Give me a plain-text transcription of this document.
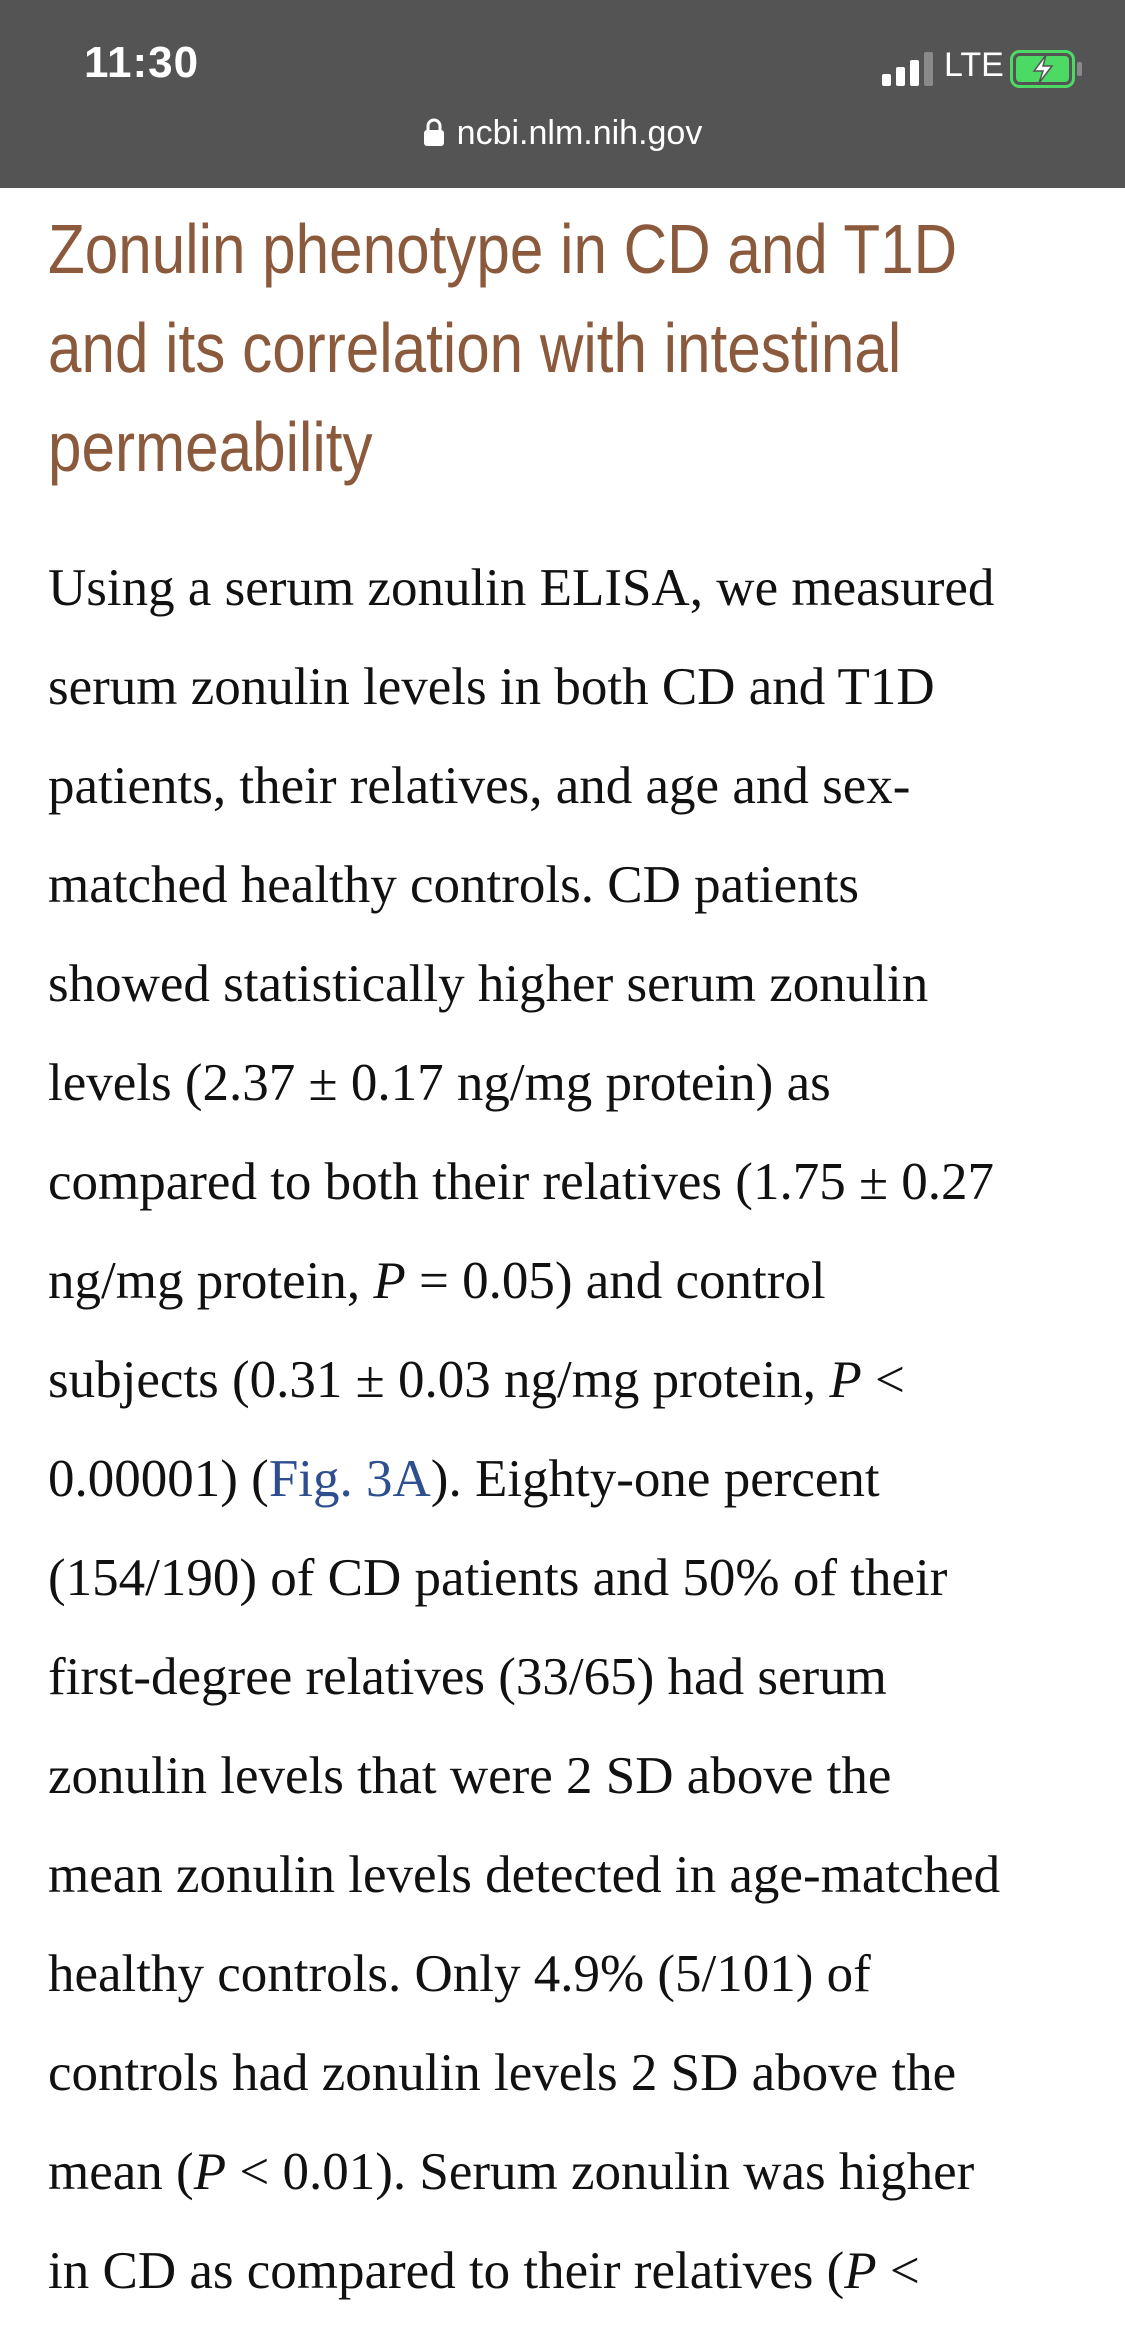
11:30	LTE
ncbi.nlm.nih.gov
Zonulin phenotype in CD and T1D
and its correlation with intestinal
permeability

Using a serum zonulin ELISA, we measured
serum zonulin levels in both CD and T1D
patients, their relatives, and age and sex-
matched healthy controls. CD patients
showed statistically higher serum zonulin
levels (2.37 ± 0.17 ng/mg protein) as
compared to both their relatives (1.75 ± 0.27
ng/mg protein, P = 0.05) and control
subjects (0.31 ± 0.03 ng/mg protein, P <
0.00001) (Fig. 3A). Eighty-one percent
(154/190) of CD patients and 50% of their
first-degree relatives (33/65) had serum
zonulin levels that were 2 SD above the
mean zonulin levels detected in age-matched
healthy controls. Only 4.9% (5/101) of
controls had zonulin levels 2 SD above the
mean (P < 0.01). Serum zonulin was higher
in CD as compared to their relatives (P <
